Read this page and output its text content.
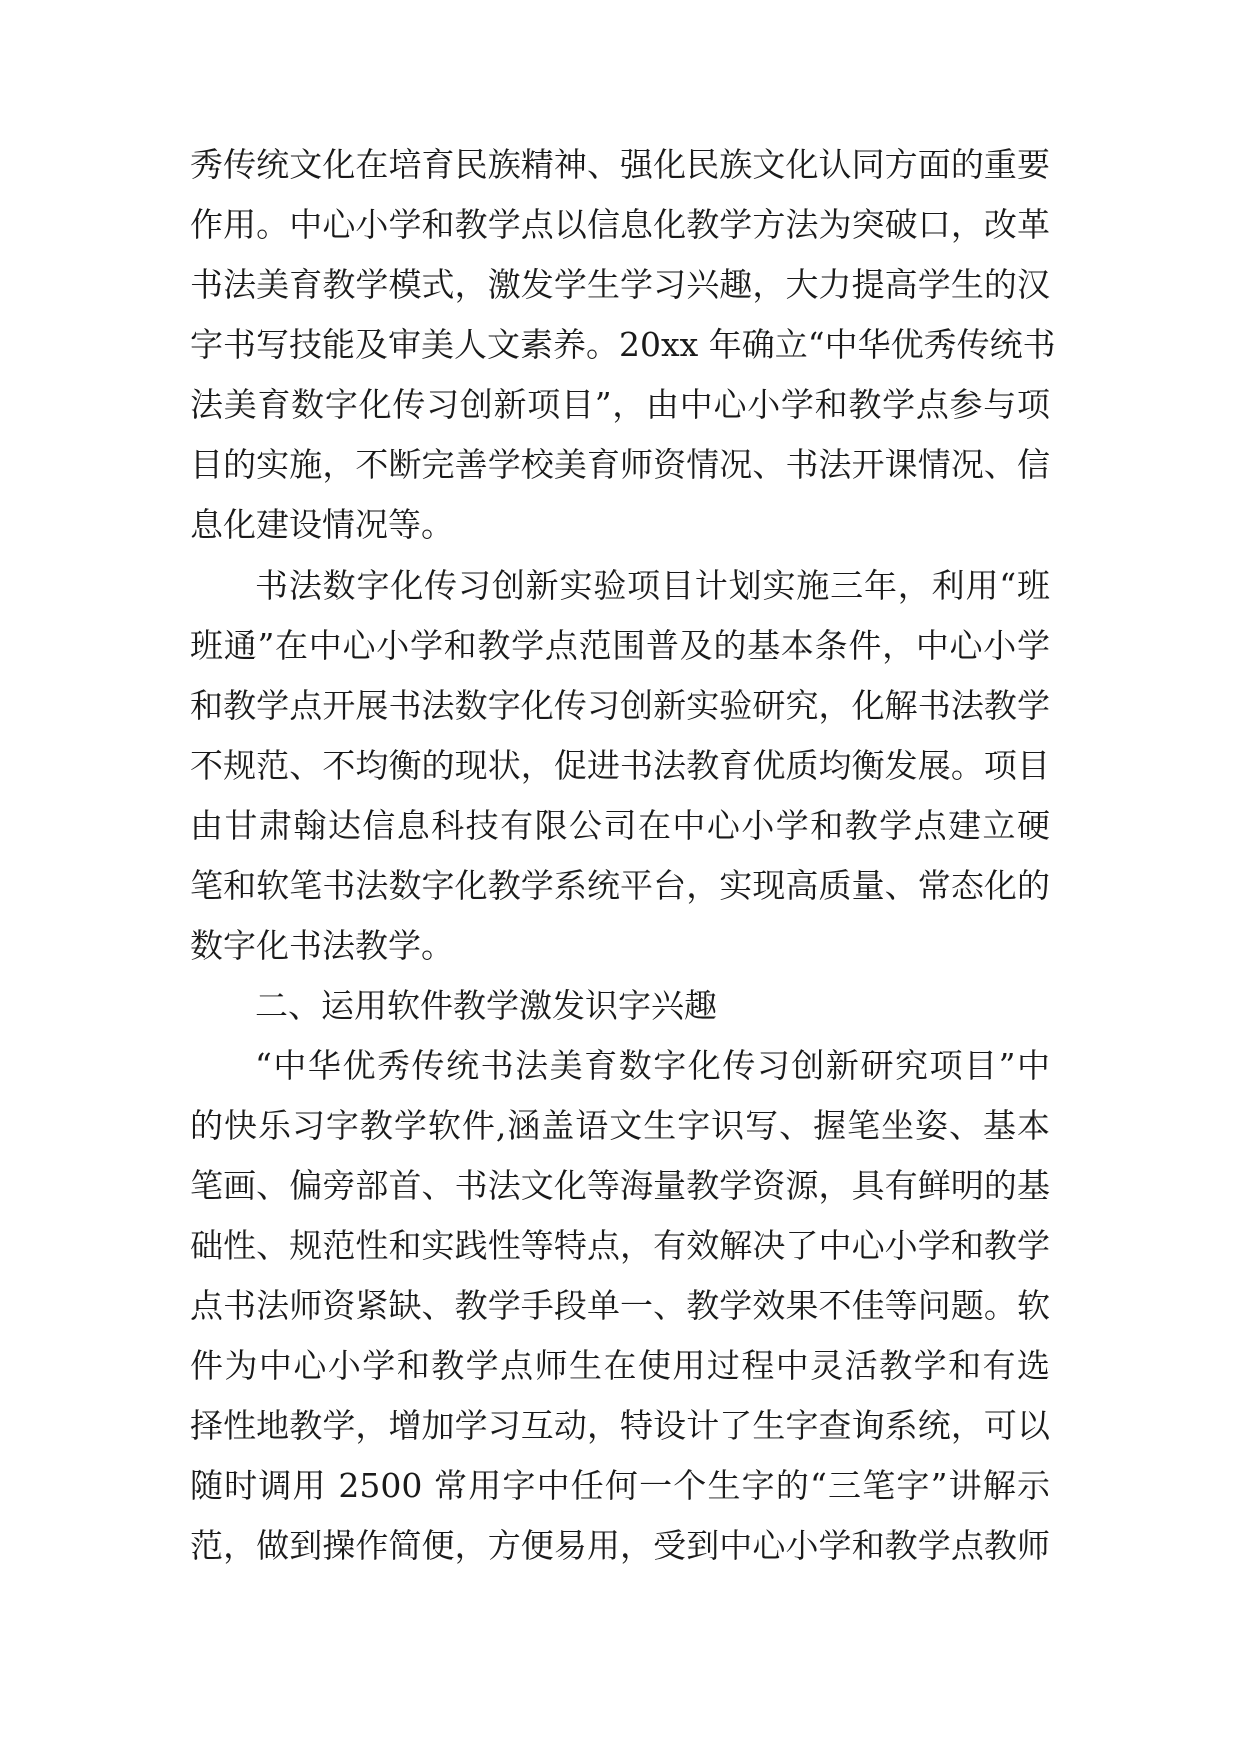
秀传统文化在培育民族精神、强化民族文化认同方面的重要
作用。中心小学和教学点以信息化教学方法为突破口，改革
书法美育教学模式，激发学生学习兴趣，大力提高学生的汉
字书写技能及审美人文素养。20xx 年确立“中华优秀传统书
法美育数字化传习创新项目”，由中心小学和教学点参与项
目的实施，不断完善学校美育师资情况、书法开课情况、信
息化建设情况等。
书法数字化传习创新实验项目计划实施三年，利用“班
班通”在中心小学和教学点范围普及的基本条件，中心小学
和教学点开展书法数字化传习创新实验研究，化解书法教学
不规范、不均衡的现状，促进书法教育优质均衡发展。项目
由甘肃翰达信息科技有限公司在中心小学和教学点建立硬
笔和软笔书法数字化教学系统平台，实现高质量、常态化的
数字化书法教学。
二、运用软件教学激发识字兴趣
“中华优秀传统书法美育数字化传习创新研究项目”中
的快乐习字教学软件,涵盖语文生字识写、握笔坐姿、基本
笔画、偏旁部首、书法文化等海量教学资源，具有鲜明的基
础性、规范性和实践性等特点，有效解决了中心小学和教学
点书法师资紧缺、教学手段单一、教学效果不佳等问题。软
件为中心小学和教学点师生在使用过程中灵活教学和有选
择性地教学，增加学习互动，特设计了生字查询系统，可以
随时调用 2500 常用字中任何一个生字的“三笔字”讲解示
范，做到操作简便，方便易用，受到中心小学和教学点教师
